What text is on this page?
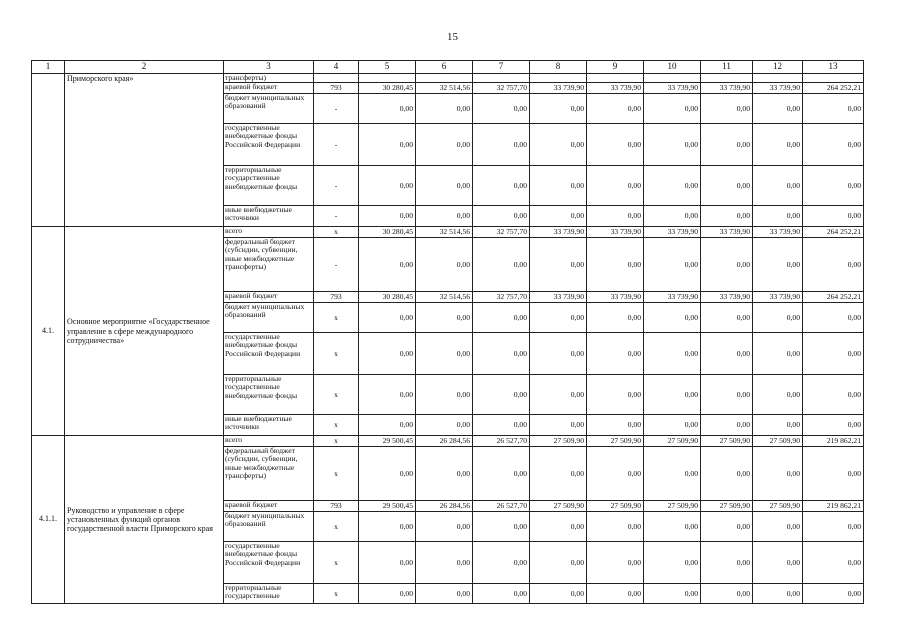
15
1	2	3	4	5	6	7	8	9	10	11	12	13
	Приморского края»	трансферты)										
		краевой бюджет	793	30 280,45	32 514,56	32 757,70	33 739,90	33 739,90	33 739,90	33 739,90	33 739,90	264 252,21
		бюджет муниципальных образований	-	0,00	0,00	0,00	0,00	0,00	0,00	0,00	0,00	0,00
		государственные внебюджетные фонды Российской Федерации	-	0,00	0,00	0,00	0,00	0,00	0,00	0,00	0,00	0,00
		территориальные государственные внебюджетные фонды	-	0,00	0,00	0,00	0,00	0,00	0,00	0,00	0,00	0,00
		иные внебюджетные источники	-	0,00	0,00	0,00	0,00	0,00	0,00	0,00	0,00	0,00
4.1.	Основное мероприятие «Государственное управление в сфере международного сотрудничества»	всего	x	30 280,45	32 514,56	32 757,70	33 739,90	33 739,90	33 739,90	33 739,90	33 739,90	264 252,21
		федеральный бюджет (субсидии, субвенции, иные межбюджетные трансферты)	-	0,00	0,00	0,00	0,00	0,00	0,00	0,00	0,00	0,00
		краевой бюджет	793	30 280,45	32 514,56	32 757,70	33 739,90	33 739,90	33 739,90	33 739,90	33 739,90	264 252,21
		бюджет муниципальных образований	x	0,00	0,00	0,00	0,00	0,00	0,00	0,00	0,00	0,00
		государственные внебюджетные фонды Российской Федерации	x	0,00	0,00	0,00	0,00	0,00	0,00	0,00	0,00	0,00
		территориальные государственные внебюджетные фонды	x	0,00	0,00	0,00	0,00	0,00	0,00	0,00	0,00	0,00
		иные внебюджетные источники	x	0,00	0,00	0,00	0,00	0,00	0,00	0,00	0,00	0,00
4.1.1.	Руководство и управление в сфере установленных функций органов государственной власти Приморского края	всего	x	29 500,45	26 284,56	26 527,70	27 509,90	27 509,90	27 509,90	27 509,90	27 509,90	219 862,21
		федеральный бюджет (субсидии, субвенции, иные межбюджетные трансферты)	x	0,00	0,00	0,00	0,00	0,00	0,00	0,00	0,00	0,00
		краевой бюджет	793	29 500,45	26 284,56	26 527,70	27 509,90	27 509,90	27 509,90	27 509,90	27 509,90	219 862,21
		бюджет муниципальных образований	x	0,00	0,00	0,00	0,00	0,00	0,00	0,00	0,00	0,00
		государственные внебюджетные фонды Российской Федерации	x	0,00	0,00	0,00	0,00	0,00	0,00	0,00	0,00	0,00
		территориальные государственные	x	0,00	0,00	0,00	0,00	0,00	0,00	0,00	0,00	0,00
